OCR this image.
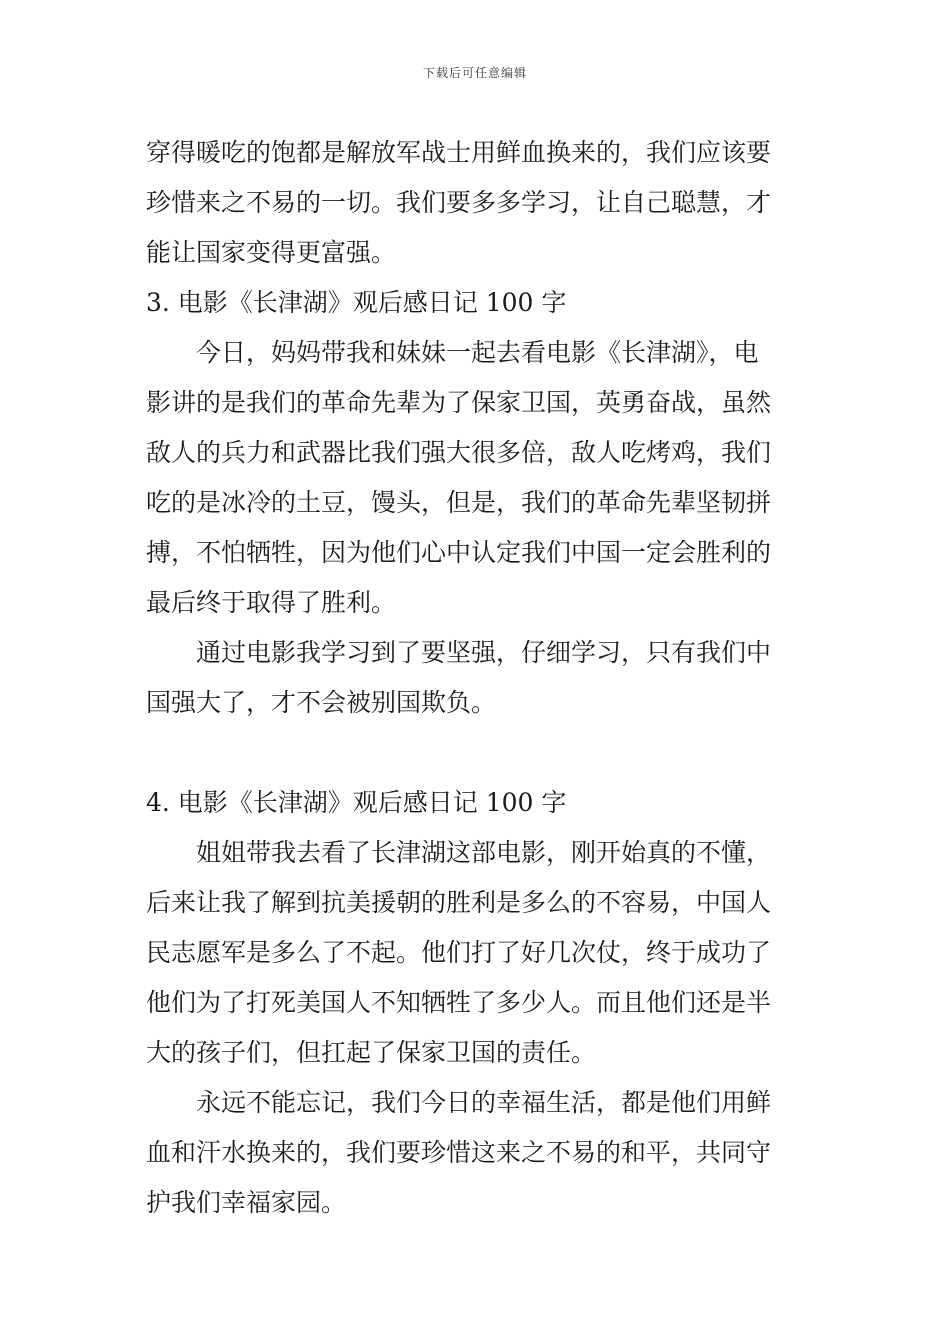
下载后可任意编辑
穿得暖吃的饱都是解放军战士用鲜血换来的，我们应该要
珍惜来之不易的一切。我们要多多学习，让自己聪慧，才
能让国家变得更富强。
3. 电影《长津湖》观后感日记 100 字
今日，妈妈带我和妹妹一起去看电影《长津湖》，电
影讲的是我们的革命先辈为了保家卫国，英勇奋战，虽然
敌人的兵力和武器比我们强大很多倍，敌人吃烤鸡，我们
吃的是冰冷的土豆，馒头，但是，我们的革命先辈坚韧拼
搏，不怕牺牲，因为他们心中认定我们中国一定会胜利的
最后终于取得了胜利。
通过电影我学习到了要坚强，仔细学习，只有我们中
国强大了，才不会被别国欺负。
4. 电影《长津湖》观后感日记 100 字
姐姐带我去看了长津湖这部电影，刚开始真的不懂，
后来让我了解到抗美援朝的胜利是多么的不容易，中国人
民志愿军是多么了不起。他们打了好几次仗，终于成功了
他们为了打死美国人不知牺牲了多少人。而且他们还是半
大的孩子们，但扛起了保家卫国的责任。
永远不能忘记，我们今日的幸福生活，都是他们用鲜
血和汗水换来的，我们要珍惜这来之不易的和平，共同守
护我们幸福家园。
